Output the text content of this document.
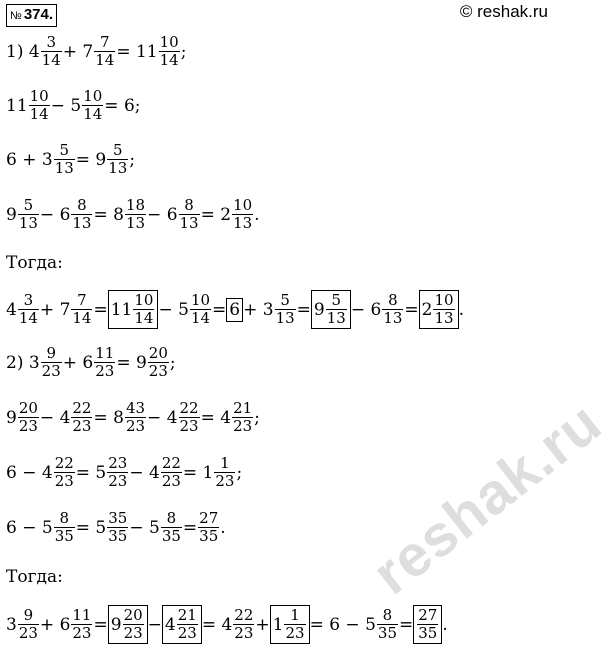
№ 374.	© reshak.ru
reshak.ru
Тогда:
Тогда:
1) $4 \frac{3}{14} + 7 \frac{7}{14} = 11 \frac{10}{14}$ ;
$11 \frac{10}{14} - 5 \frac{10}{14} = 6$;
$6 + 3 \frac{5}{13} = 9 \frac{5}{13}$ ;
$9 \frac{5}{13} - 6 \frac{8}{13} = 8 \frac{18}{13} - 6 \frac{8}{13} = 2 \frac{10}{13}$ .
$4 \frac{3}{14} + 7 \frac{7}{14} = 11 \frac{10}{14} - 5 \frac{10}{14} = 6 + 3 \frac{5}{13} = 9 \frac{5}{13} - 6 \frac{8}{13} = 2 \frac{10}{13}$ .
2) $3 \frac{9}{23} + 6 \frac{11}{23} = 9 \frac{20}{23}$ ;
$9 \frac{20}{23} - 4 \frac{22}{23} = 8 \frac{43}{23} - 4 \frac{22}{23} = 4 \frac{21}{23}$ ;
$6 - 4 \frac{22}{23} = 5 \frac{23}{23} - 4 \frac{22}{23} = 1 \frac{1}{23}$ ;
$6 - 5 \frac{8}{35} = 5 \frac{35}{35} - 5 \frac{8}{35} = \frac{27}{35}$ .
$3 \frac{9}{23} + 6 \frac{11}{23} = 9 \frac{20}{23} - 4 \frac{21}{23} = 4 \frac{22}{23} + 1 \frac{1}{23} = 6 - 5 \frac{8}{35} = \frac{27}{35}$ .
